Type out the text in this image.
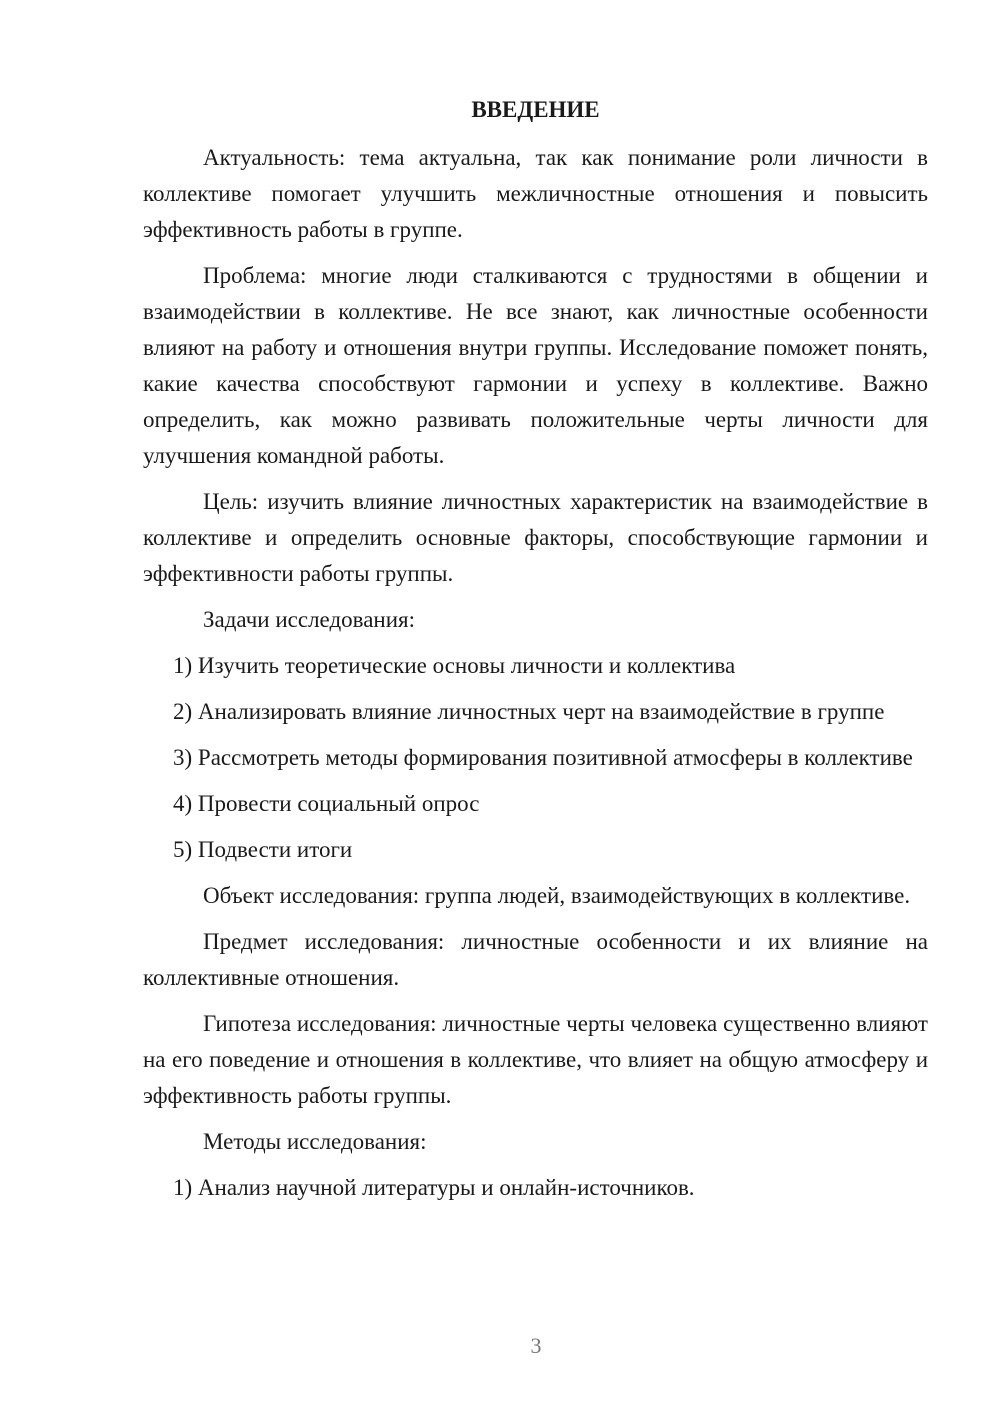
ВВЕДЕНИЕ

Актуальность: тема актуальна, так как понимание роли личности в коллективе помогает улучшить межличностные отношения и повысить эффективность работы в группе.

Проблема: многие люди сталкиваются с трудностями в общении и взаимодействии в коллективе. Не все знают, как личностные особенности влияют на работу и отношения внутри группы. Исследование поможет понять, какие качества способствуют гармонии и успеху в коллективе. Важно определить, как можно развивать положительные черты личности для улучшения командной работы.

Цель: изучить влияние личностных характеристик на взаимодействие в коллективе и определить основные факторы, способствующие гармонии и эффективности работы группы.

Задачи исследования:

1) Изучить теоретические основы личности и коллектива

2) Анализировать влияние личностных черт на взаимодействие в группе

3) Рассмотреть методы формирования позитивной атмосферы в коллективе

4) Провести социальный опрос

5) Подвести итоги

Объект исследования: группа людей, взаимодействующих в коллективе.

Предмет исследования: личностные особенности и их влияние на коллективные отношения.

Гипотеза исследования: личностные черты человека существенно влияют на его поведение и отношения в коллективе, что влияет на общую атмосферу и эффективность работы группы.

Методы исследования:

1) Анализ научной литературы и онлайн-источников.

3
